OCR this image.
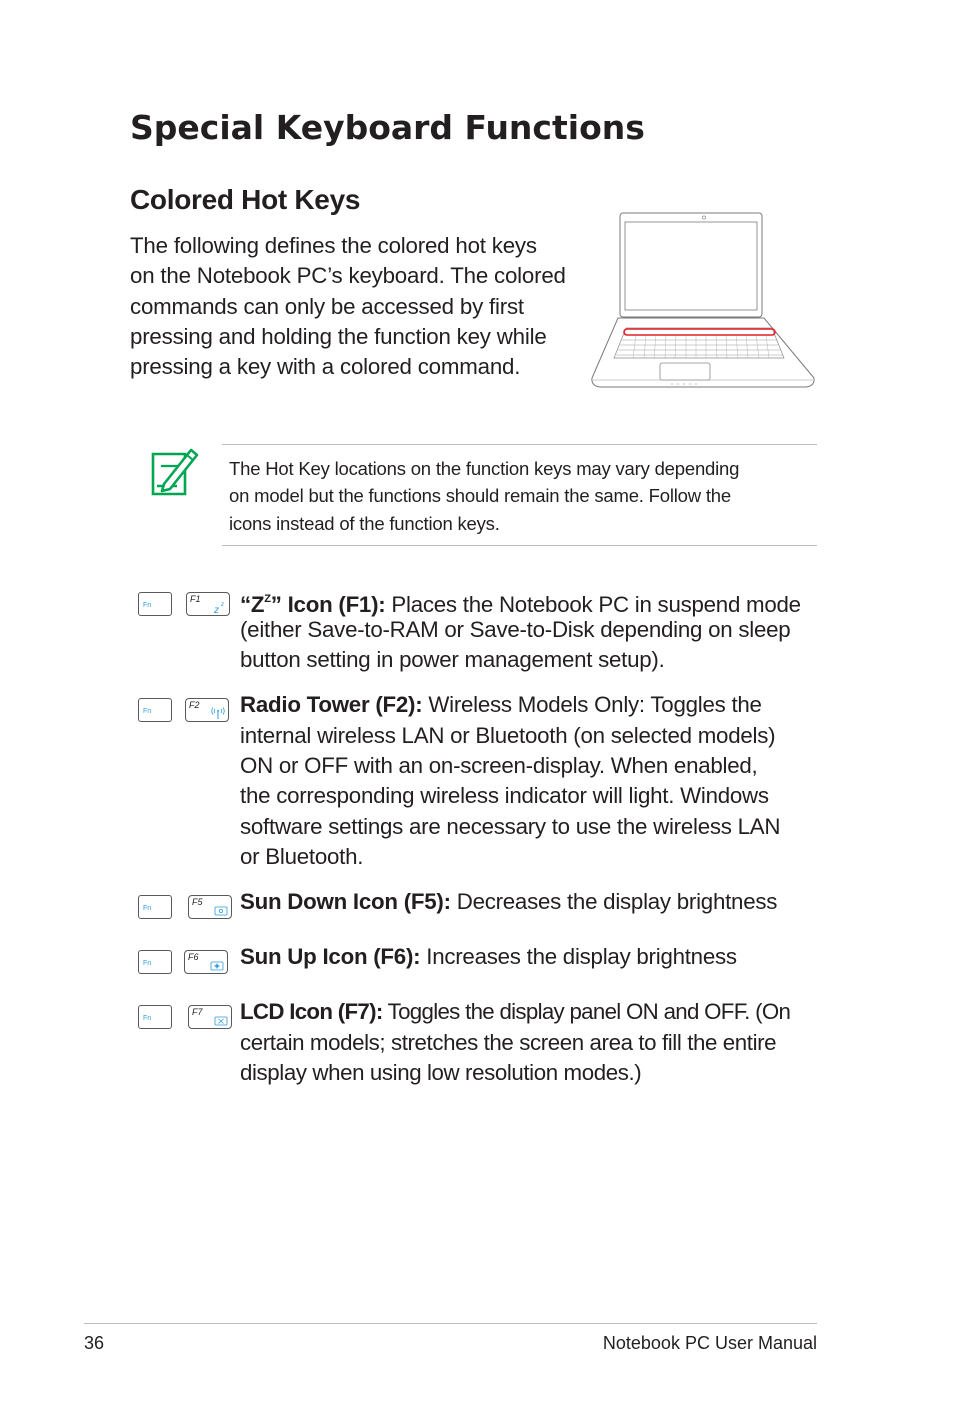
Special Keyboard Functions
Colored Hot Keys
The following defines the colored hot keys
on the Notebook PC’s keyboard. The colored
commands can only be accessed by first
pressing and holding the function key while
pressing a key with a colored command.
The Hot Key locations on the function keys may vary depending
on model but the functions should remain the same. Follow the
icons instead of the function keys.
Fn
F1
z z “$Z^Z$” Icon (F1): Places the Notebook PC in suspend mode
(either Save-to-RAM or Save-to-Disk depending on sleep
button setting in power management setup).
Fn
F2 Radio Tower (F2): Wireless Models Only: Toggles the
internal wireless LAN or Bluetooth (on selected models)
ON or OFF with an on-screen-display. When enabled,
the corresponding wireless indicator will light. Windows
software settings are necessary to use the wireless LAN
or Bluetooth.
Fn
F5 Sun Down Icon (F5): Decreases the display brightness
Fn
F6 Sun Up Icon (F6): Increases the display brightness
Fn
F7 LCD Icon (F7): Toggles the display panel ON and OFF. (On
certain models; stretches the screen area to fill the entire
display when using low resolution modes.)
36	Notebook PC User Manual
